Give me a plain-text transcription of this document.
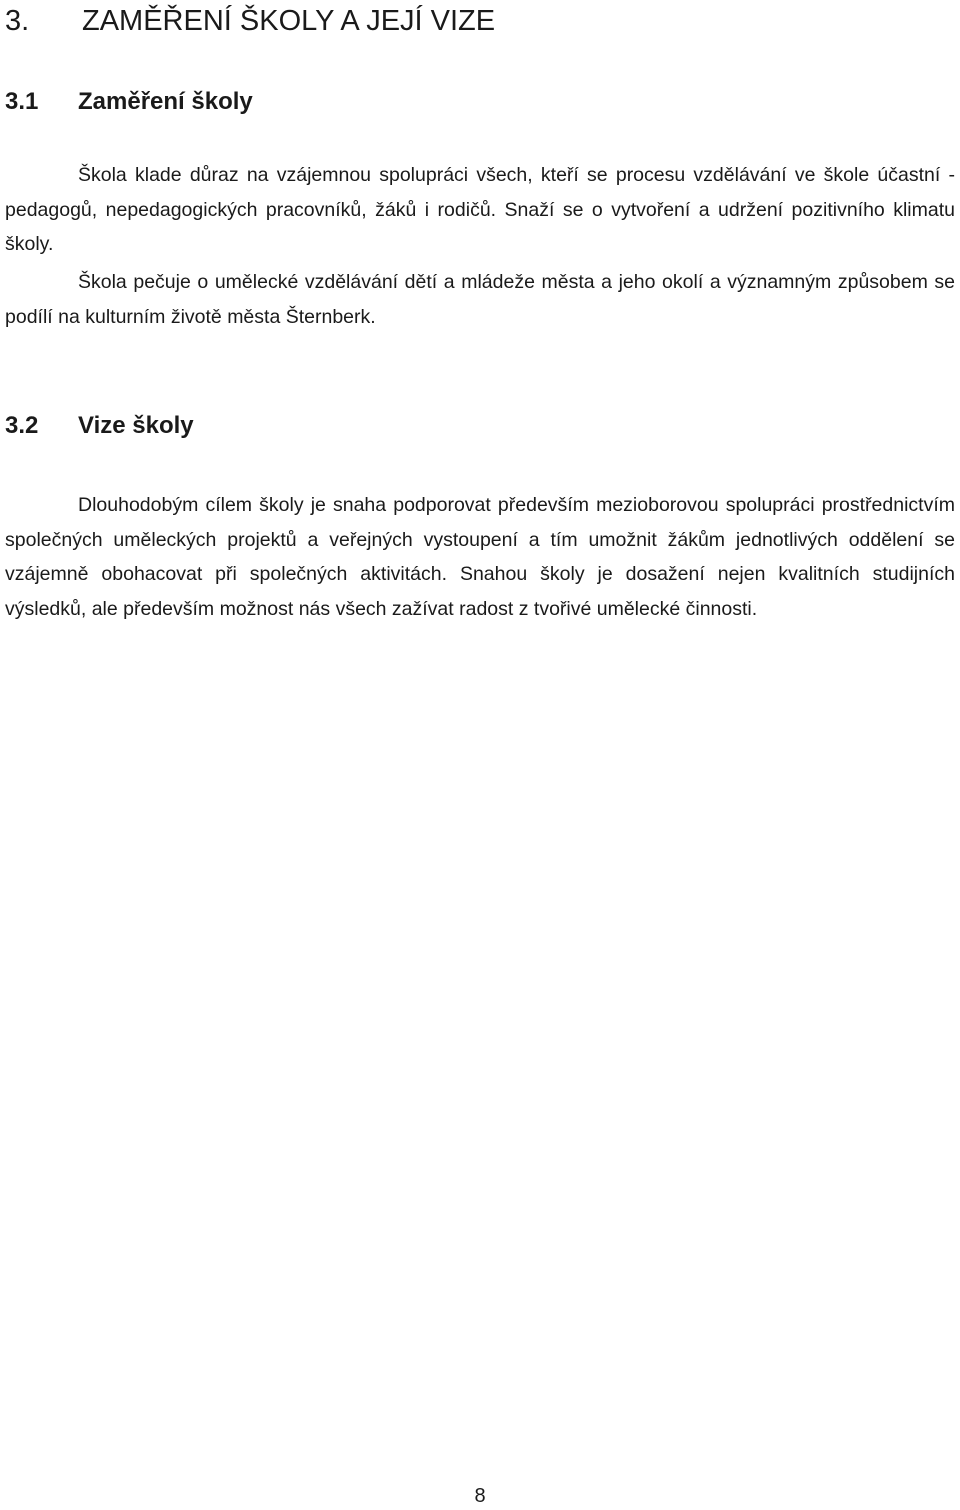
3. ZAMĚŘENÍ ŠKOLY A JEJÍ VIZE
3.1 Zaměření školy

Škola klade důraz na vzájemnou spolupráci všech, kteří se procesu vzdělávání ve škole účastní - pedagogů, nepedagogických pracovníků, žáků i rodičů. Snaží se o vytvoření a udržení pozitivního klimatu školy.

Škola pečuje o umělecké vzdělávání dětí a mládeže města a jeho okolí a významným způsobem se podílí na kulturním životě města Šternberk.

3.2 Vize školy

Dlouhodobým cílem školy je snaha podporovat především mezioborovou spolupráci prostřednictvím společných uměleckých projektů a veřejných vystoupení a tím umožnit žákům jednotlivých oddělení se vzájemně obohacovat při společných aktivitách. Snahou školy je dosažení nejen kvalitních studijních výsledků, ale především možnost nás všech zažívat radost z tvořivé umělecké činnosti.

8
